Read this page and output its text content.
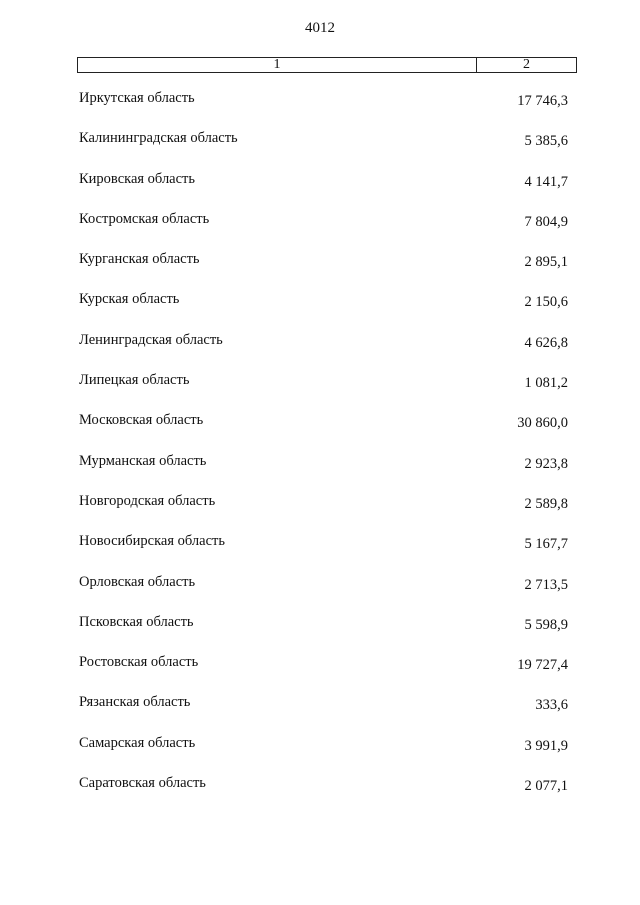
4012
1	2
Иркутская область	17 746,3
Калининградская область	5 385,6
Кировская область	4 141,7
Костромская область	7 804,9
Курганская область	2 895,1
Курская область	2 150,6
Ленинградская область	4 626,8
Липецкая область	1 081,2
Московская область	30 860,0
Мурманская область	2 923,8
Новгородская область	2 589,8
Новосибирская область	5 167,7
Орловская область	2 713,5
Псковская область	5 598,9
Ростовская область	19 727,4
Рязанская область	333,6
Самарская область	3 991,9
Саратовская область	2 077,1
